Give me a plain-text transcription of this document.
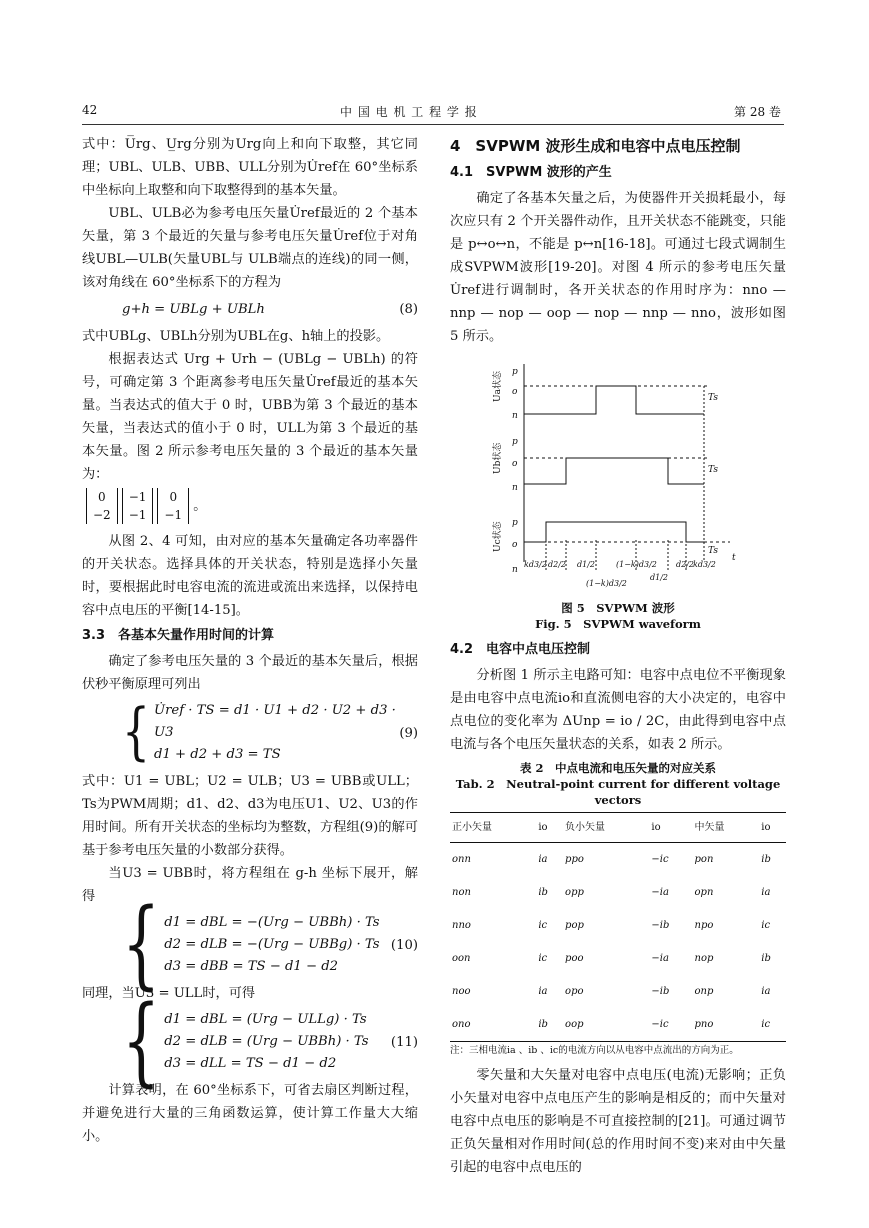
42	中 国 电 机 工 程 学 报	第 28 卷

式中：U̅rg、U̲rg分别为Urg向上和向下取整，其它同理；UBL、ULB、UBB、ULL分别为U̇ref在 60°坐标系中坐标向上取整和向下取整得到的基本矢量。

UBL、ULB必为参考电压矢量U̇ref最近的 2 个基本矢量，第 3 个最近的矢量与参考电压矢量U̇ref位于对角线UBL—ULB(矢量UBL与 ULB端点的连线)的同一侧，该对角线在 60°坐标系下的方程为

g+h = UBLg + UBLh	(8)

式中UBLg、UBLh分别为UBL在g、h轴上的投影。

根据表达式 Urg + Urh − (UBLg − UBLh) 的符号，可确定第 3 个距离参考电压矢量U̇ref最近的基本矢量。当表达式的值大于 0 时，UBB为第 3 个最近的基本矢量，当表达式的值小于 0 时，ULL为第 3 个最近的基本矢量。图 2 所示参考电压矢量的 3 个最近的基本矢量为：

0
−2
−1
−1
0
−1
。

从图 2、4 可知，由对应的基本矢量确定各功率器件的开关状态。选择具体的开关状态，特别是选择小矢量时，要根据此时电容电流的流进或流出来选择，以保持电容中点电压的平衡[14-15]。

3.3　各基本矢量作用时间的计算

确定了参考电压矢量的 3 个最近的基本矢量后，根据伏秒平衡原理可列出

{ U̇ref · TS = d1 · U1 + d2 · U2 + d3 · U3
d1 + d2 + d3 = TS
(9)

式中：U1 = UBL；U2 = ULB；U3 = UBB或ULL；Ts为PWM周期；d1、d2、d3为电压U1、U2、U3的作用时间。所有开关状态的坐标均为整数，方程组(9)的解可基于参考电压矢量的小数部分获得。

当U3 = UBB时，将方程组在 g-h 坐标下展开，解得 { d1 = dBL = −(Urg − UBBh) · Ts
d2 = dLB = −(Urg − UBBg) · Ts
d3 = dBB = TS − d1 − d2
(10)

同理，当U3 = ULL时，可得

{ d1 = dBL = (Urg − ULLg) · Ts
d2 = dLB = (Urg − UBBh) · Ts
d3 = dLL = TS − d1 − d2
(11)

计算表明，在 60°坐标系下，可省去扇区判断过程，并避免进行大量的三角函数运算，使计算工作量大大缩小。

4　SVPWM 波形生成和电容中点电压控制
4.1　SVPWM 波形的产生

确定了各基本矢量之后，为使器件开关损耗最小，每次应只有 2 个开关器件动作，且开关状态不能跳变，只能是 p↔o↔n，不能是 p↔n[16-18]。可通过七段式调制生成SVPWM波形[19-20]。对图 4 所示的参考电压矢量U̇ref进行调制时，各开关状态的作用时序为：nno — nnp — nop — oop — nop — nnp — nno，波形如图 5 所示。

图 5　SVPWM 波形
Fig. 5　SVPWM waveform
4.2　电容中点电压控制

分析图 1 所示主电路可知：电容中点电位不平衡现象是由电容中点电流io和直流侧电容的大小决定的，电容中点电位的变化率为 ΔUnp = io / 2C，由此得到电容中点电流与各个电压矢量状态的关系，如表 2 所示。

表 2　中点电流和电压矢量的对应关系
Tab. 2　Neutral-point current for different voltage vectors
正小矢量	io	负小矢量	io	中矢量	io
onn	ia	ppo	−ic	pon	ib
non	ib	opp	−ia	opn	ia
nno	ic	pop	−ib	npo	ic
oon	ic	poo	−ia	nop	ib
noo	ia	opo	−ib	onp	ia
ono	ib	oop	−ic	pno	ic
注：三相电流ia 、ib 、ic的电流方向以从电容中点流出的方向为正。

零矢量和大矢量对电容中点电压(电流)无影响；正负小矢量对电容中点电压产生的影响是相反的；而中矢量对电容中点电压的影响是不可直接控制的[21]。可通过调节正负矢量相对作用时间(总的作用时间不变)来对由中矢量引起的电容中点电压的

Ua状态
Ub状态
Uc状态
p
o
n
p
o
n
p
o
n
Ts
Ts
Ts
t
kd3/2 d2/2 d1/2	(1−k)d3/2
(1−k)d3/2
d1/2
d2/2 kd3/2
